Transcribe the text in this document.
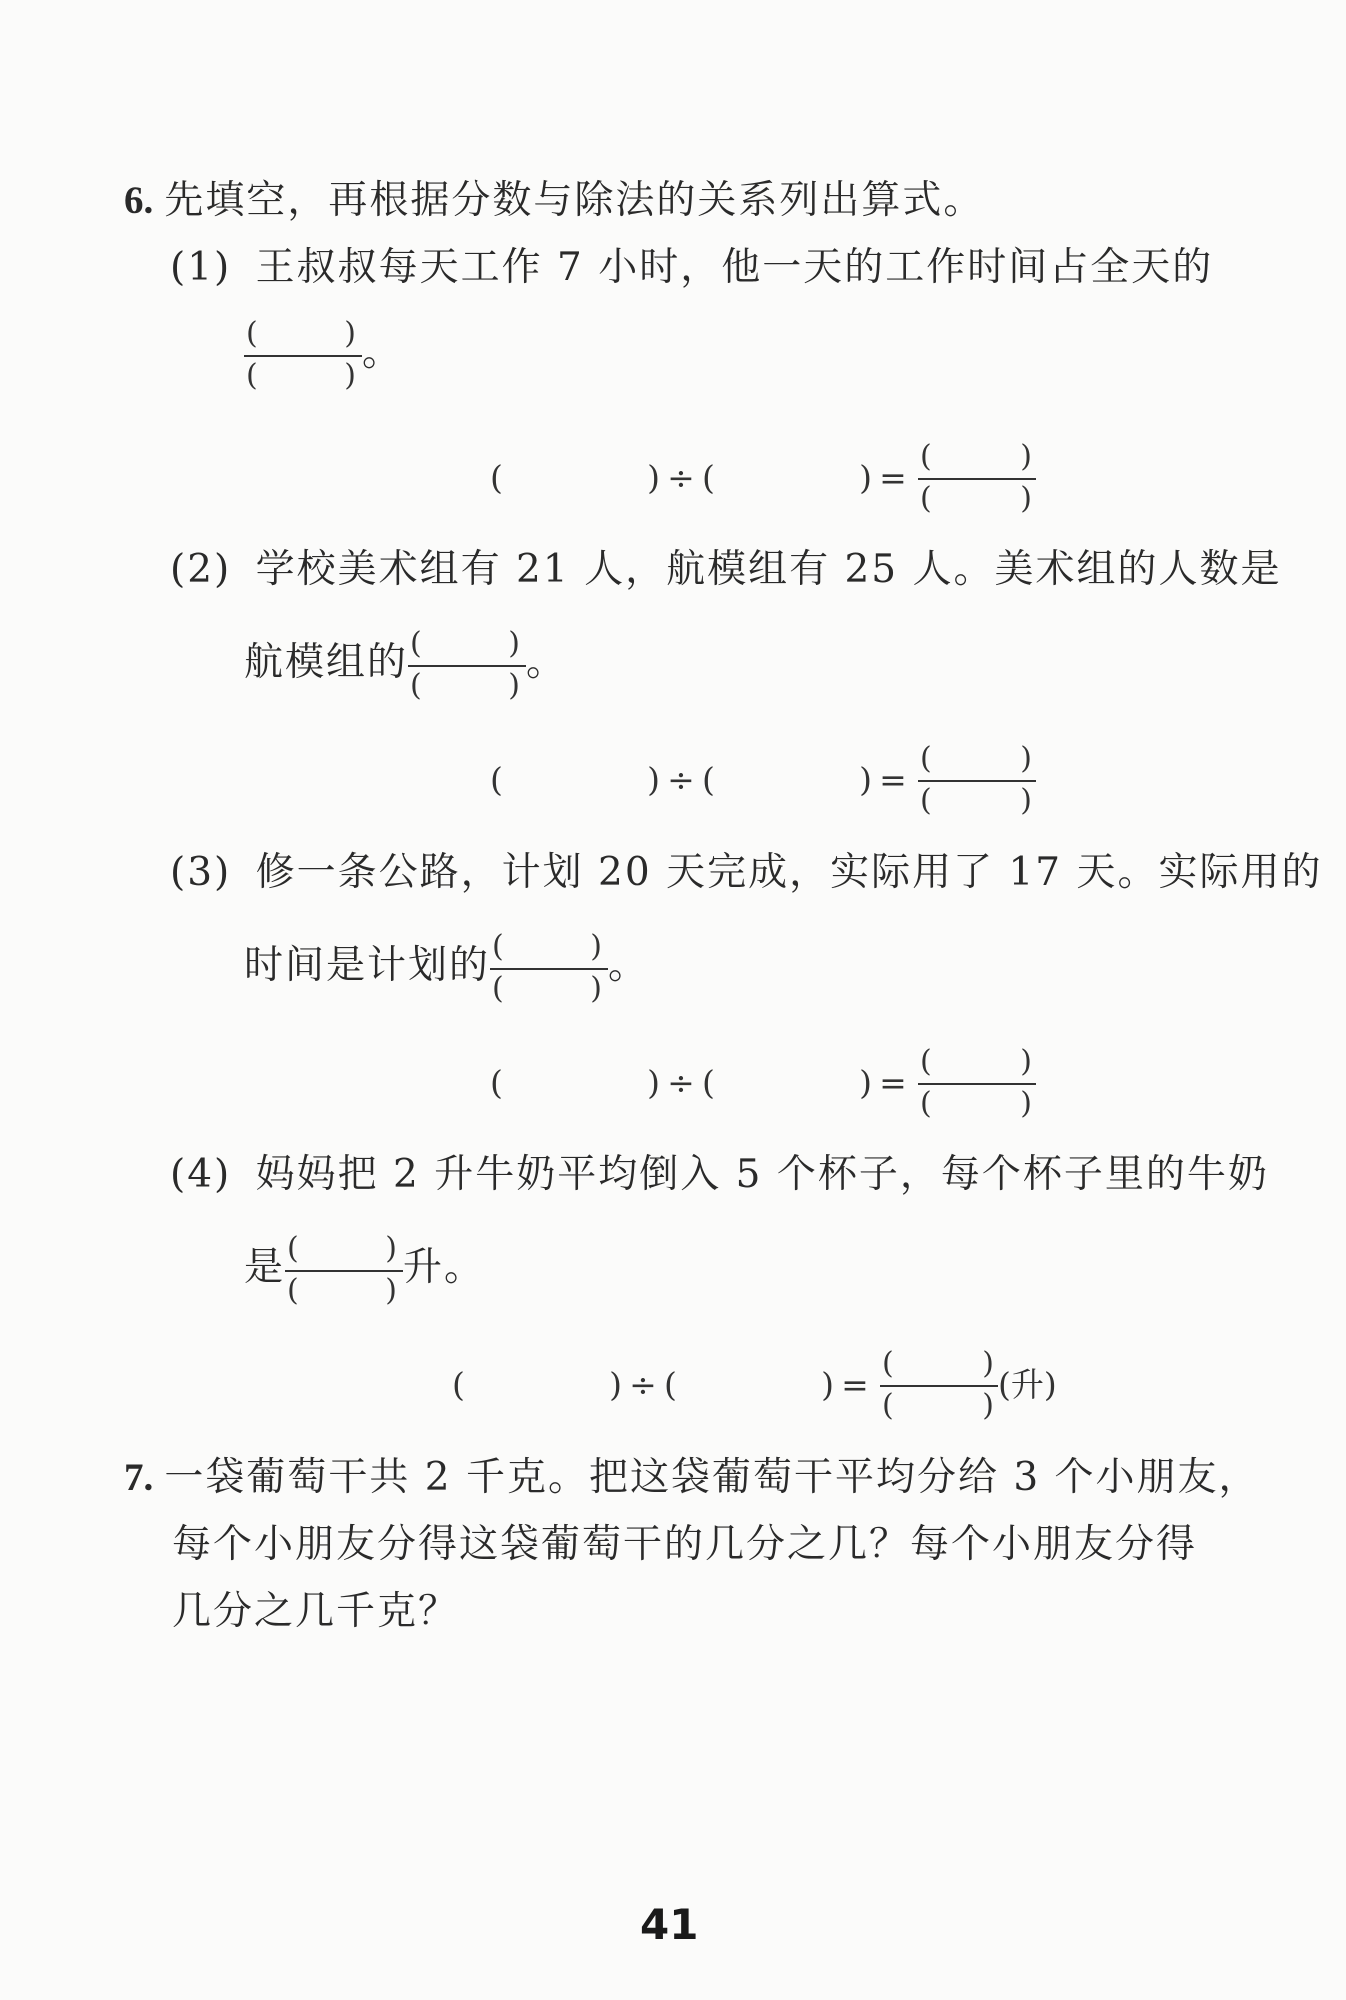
6. 先填空，再根据分数与除法的关系列出算式。
(1) 王叔叔每天工作 7 小时，他一天的工作时间占全天的
(	)
(	)
。
(	) ÷ (	) =
(	)
(	)
(2) 学校美术组有 21 人，航模组有 25 人。美术组的人数是
航模组的 (	)
(	)
。
(	) ÷ (	) =
(	)
(	)
(3) 修一条公路，计划 20 天完成，实际用了 17 天。实际用的
时间是计划的 (	)
(	)
。
(	) ÷ (	) =
(	)
(	)
(4) 妈妈把 2 升牛奶平均倒入 5 个杯子，每个杯子里的牛奶
是 (	)
(	)
升。
(	) ÷ (	) =
(	)
(	)
(升)
7. 一袋葡萄干共 2 千克。把这袋葡萄干平均分给 3 个小朋友，
每个小朋友分得这袋葡萄干的几分之几？每个小朋友分得
几分之几千克？
41
